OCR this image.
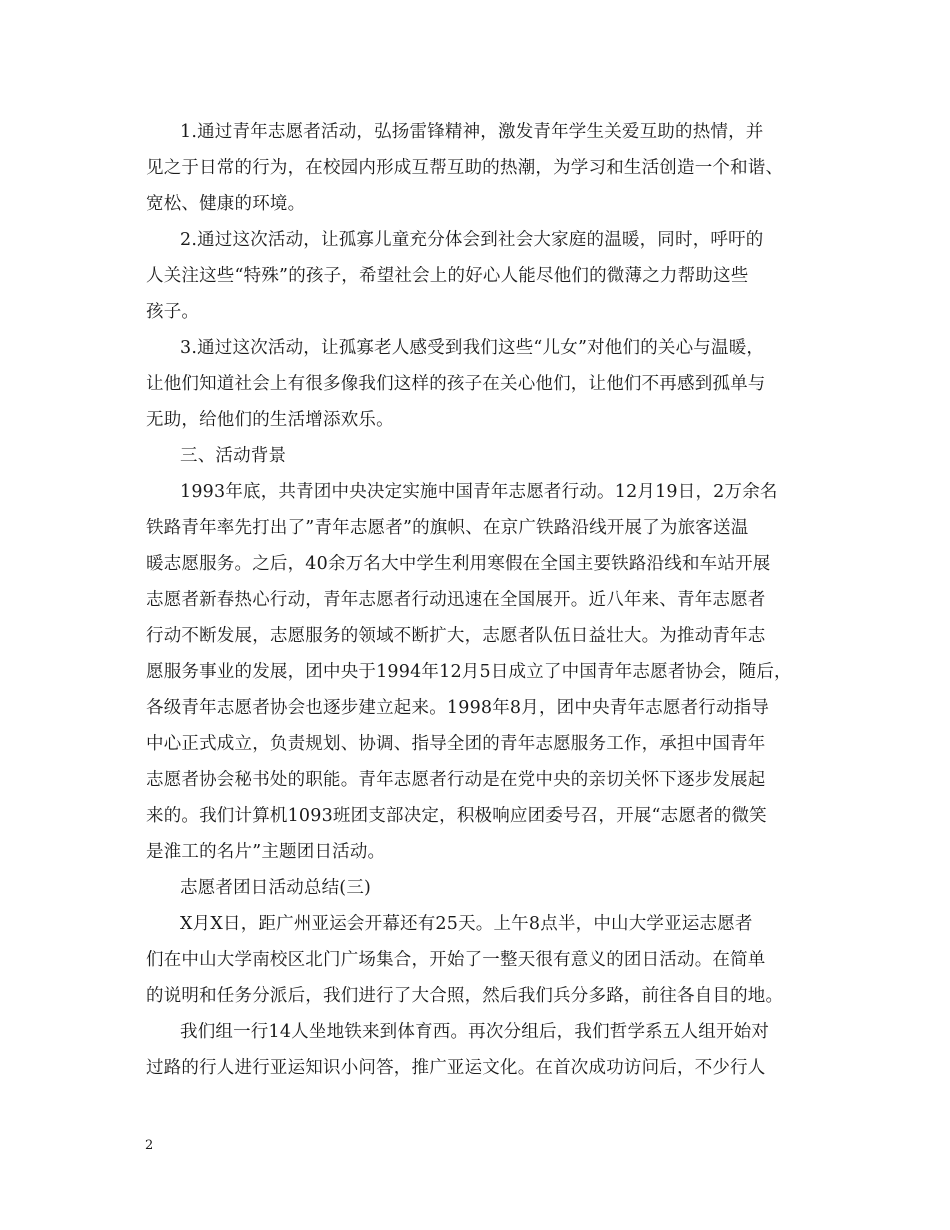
1.通过青年志愿者活动，弘扬雷锋精神，激发青年学生关爱互助的热情，并
见之于日常的行为，在校园内形成互帮互助的热潮，为学习和生活创造一个和谐、
宽松、健康的环境。
2.通过这次活动，让孤寡儿童充分体会到社会大家庭的温暖，同时，呼吁的
人关注这些“特殊”的孩子，希望社会上的好心人能尽他们的微薄之力帮助这些
孩子。
3.通过这次活动，让孤寡老人感受到我们这些“儿女”对他们的关心与温暖，
让他们知道社会上有很多像我们这样的孩子在关心他们，让他们不再感到孤单与
无助，给他们的生活增添欢乐。
三、活动背景
1993年底，共青团中央决定实施中国青年志愿者行动。12月19日，2万余名
铁路青年率先打出了”青年志愿者”的旗帜、在京广铁路沿线开展了为旅客送温
暖志愿服务。之后，40余万名大中学生利用寒假在全国主要铁路沿线和车站开展
志愿者新春热心行动，青年志愿者行动迅速在全国展开。近八年来、青年志愿者
行动不断发展，志愿服务的领域不断扩大，志愿者队伍日益壮大。为推动青年志
愿服务事业的发展，团中央于1994年12月5日成立了中国青年志愿者协会，随后，
各级青年志愿者协会也逐步建立起来。1998年8月，团中央青年志愿者行动指导
中心正式成立，负责规划、协调、指导全团的青年志愿服务工作，承担中国青年
志愿者协会秘书处的职能。青年志愿者行动是在党中央的亲切关怀下逐步发展起
来的。我们计算机1093班团支部决定，积极响应团委号召，开展“志愿者的微笑
是淮工的名片”主题团日活动。
志愿者团日活动总结(三)
X月X日，距广州亚运会开幕还有25天。上午8点半，中山大学亚运志愿者
们在中山大学南校区北门广场集合，开始了一整天很有意义的团日活动。在简单
的说明和任务分派后，我们进行了大合照，然后我们兵分多路，前往各自目的地。
我们组一行14人坐地铁来到体育西。再次分组后，我们哲学系五人组开始对
过路的行人进行亚运知识小问答，推广亚运文化。在首次成功访问后，不少行人
2
